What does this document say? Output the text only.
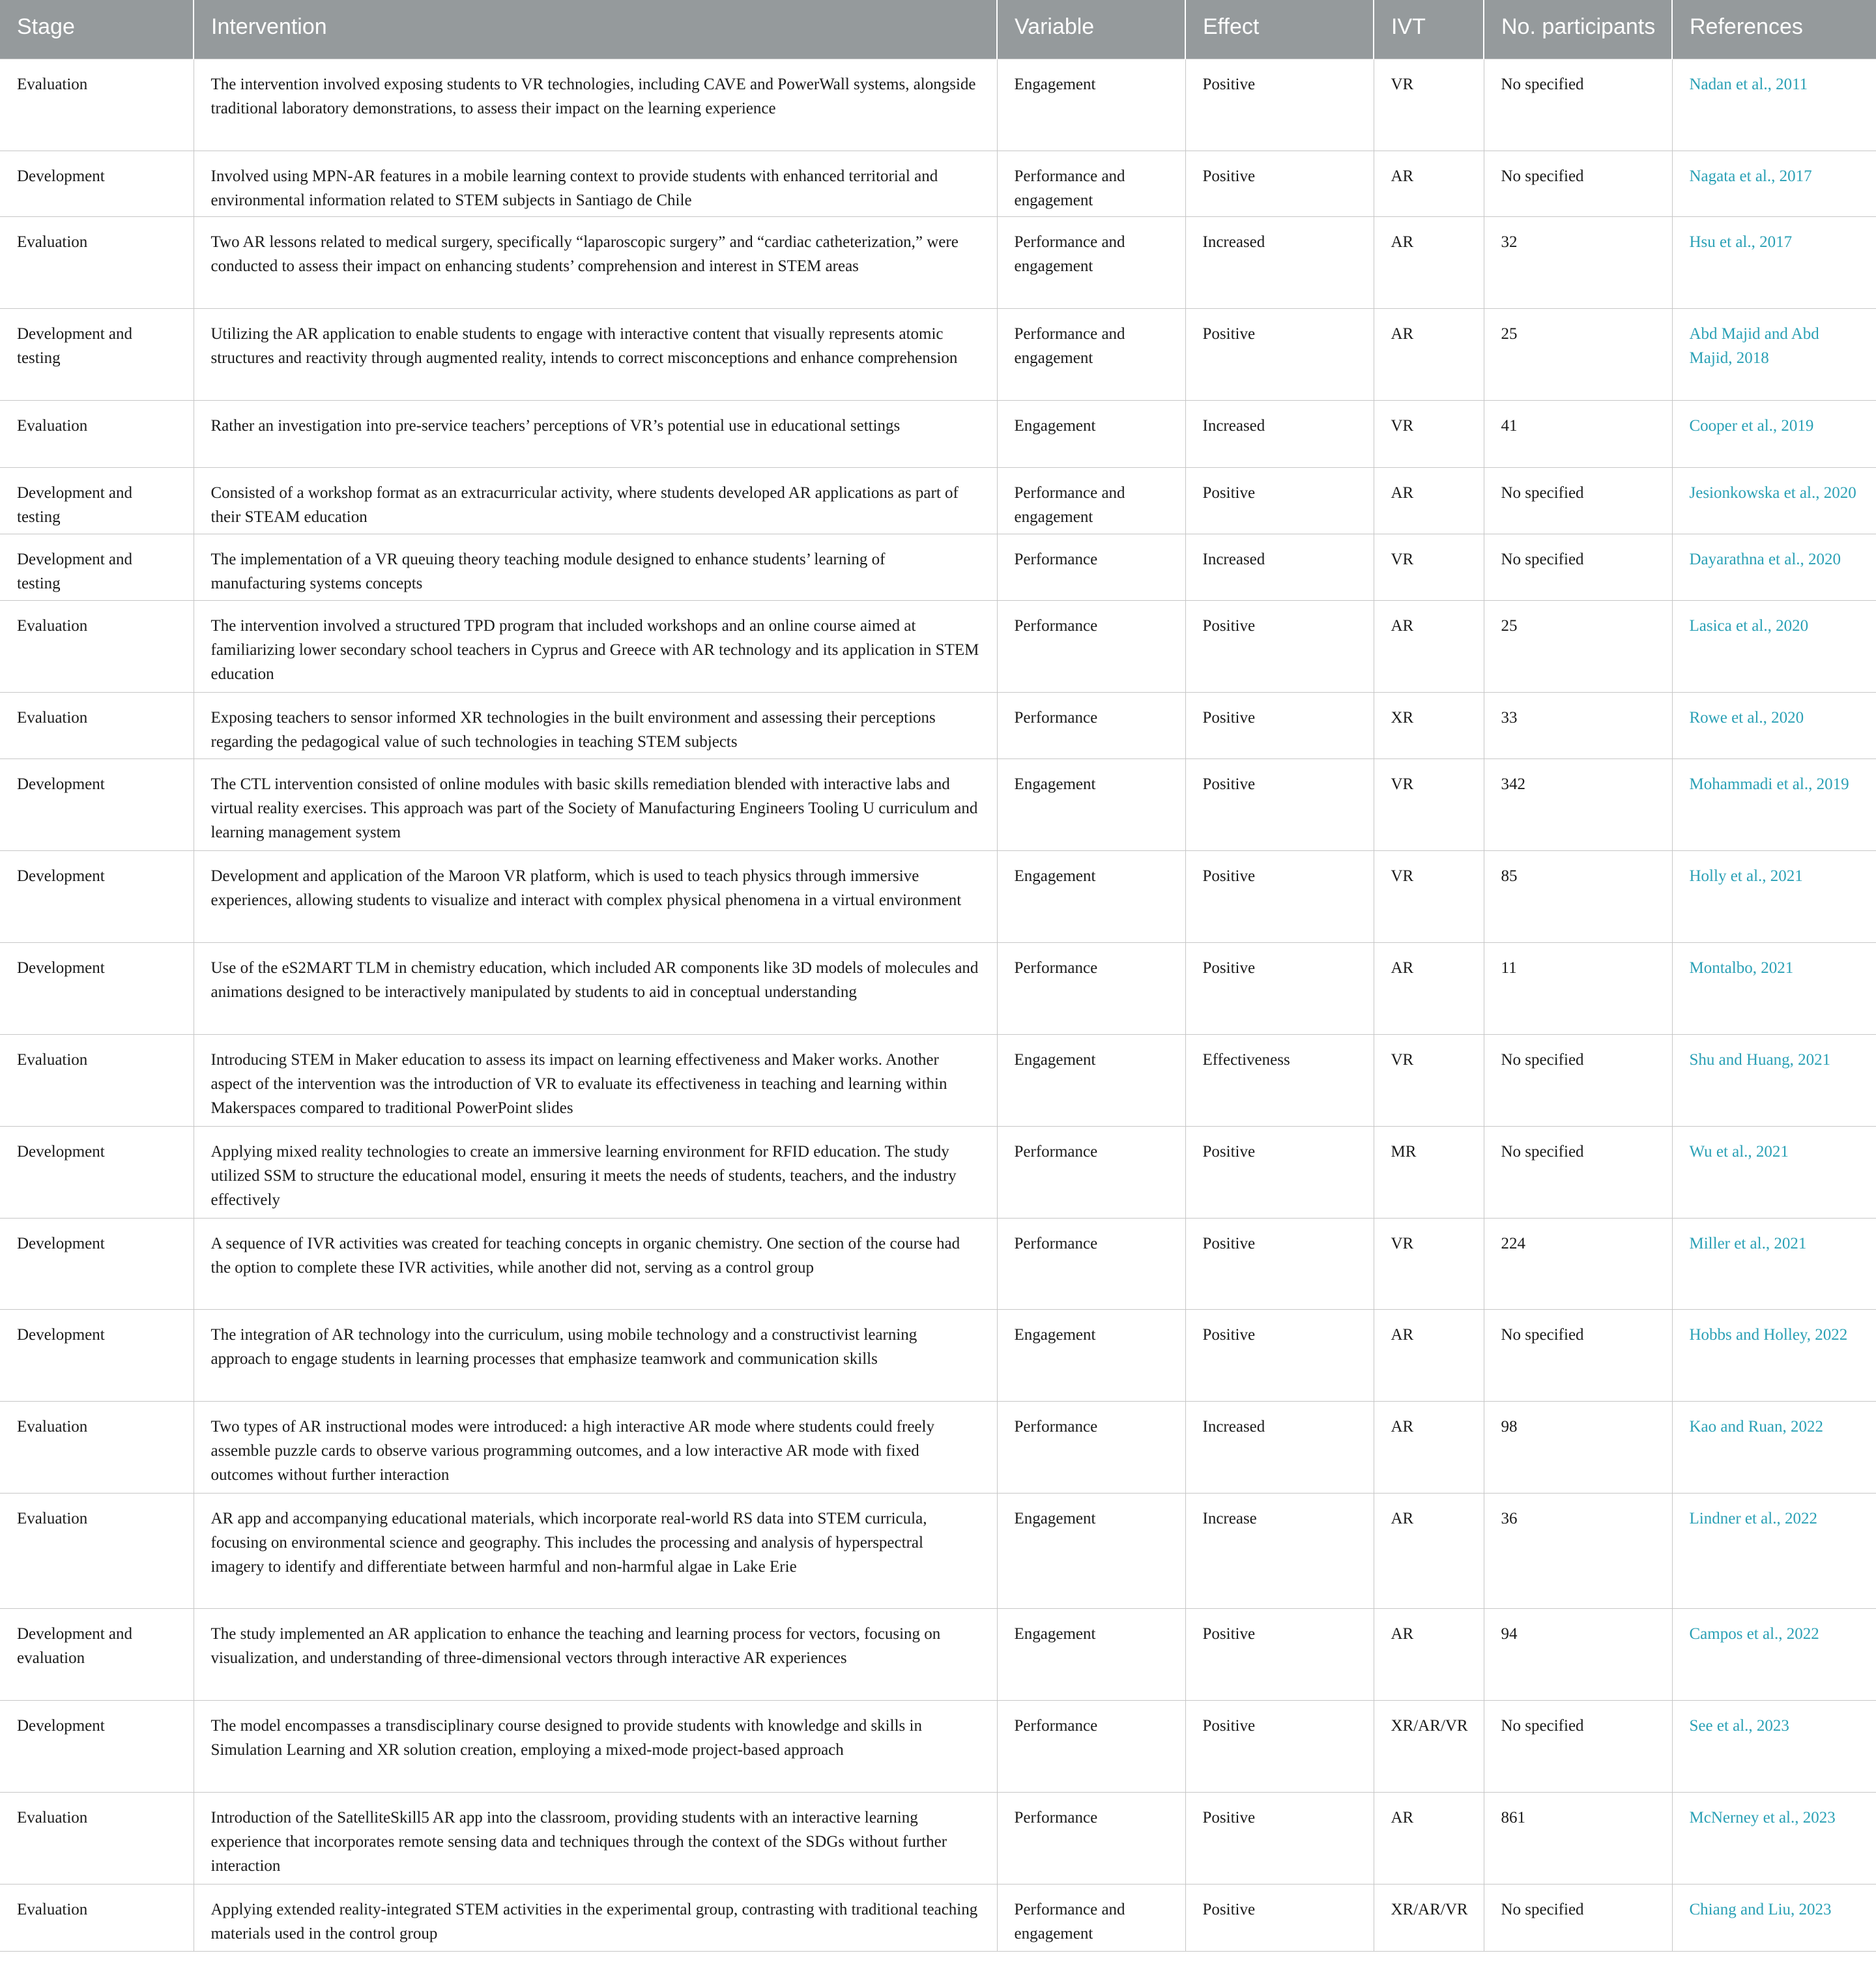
Stage	Intervention	Variable	Effect	IVT	No. participants	References
Evaluation	The intervention involved exposing students to VR technologies, including CAVE and PowerWall systems, alongside traditional laboratory demonstrations, to assess their impact on the learning experience	Engagement	Positive	VR	No specified	Nadan et al., 2011
Development	Involved using MPN-AR features in a mobile learning context to provide students with enhanced territorial and environmental information related to STEM subjects in Santiago de Chile	Performance and engagement	Positive	AR	No specified	Nagata et al., 2017
Evaluation	Two AR lessons related to medical surgery, specifically “laparoscopic surgery” and “cardiac catheterization,” were conducted to assess their impact on enhancing students’ comprehension and interest in STEM areas	Performance and engagement	Increased	AR	32	Hsu et al., 2017
Development and testing	Utilizing the AR application to enable students to engage with interactive content that visually represents atomic structures and reactivity through augmented reality, intends to correct misconceptions and enhance comprehension	Performance and engagement	Positive	AR	25	Abd Majid and Abd Majid, 2018
Evaluation	Rather an investigation into pre-service teachers’ perceptions of VR’s potential use in educational settings	Engagement	Increased	VR	41	Cooper et al., 2019
Development and testing	Consisted of a workshop format as an extracurricular activity, where students developed AR applications as part of their STEAM education	Performance and engagement	Positive	AR	No specified	Jesionkowska et al., 2020
Development and testing	The implementation of a VR queuing theory teaching module designed to enhance students’ learning of manufacturing systems concepts	Performance	Increased	VR	No specified	Dayarathna et al., 2020
Evaluation	The intervention involved a structured TPD program that included workshops and an online course aimed at familiarizing lower secondary school teachers in Cyprus and Greece with AR technology and its application in STEM education	Performance	Positive	AR	25	Lasica et al., 2020
Evaluation	Exposing teachers to sensor informed XR technologies in the built environment and assessing their perceptions regarding the pedagogical value of such technologies in teaching STEM subjects	Performance	Positive	XR	33	Rowe et al., 2020
Development	The CTL intervention consisted of online modules with basic skills remediation blended with interactive labs and virtual reality exercises. This approach was part of the Society of Manufacturing Engineers Tooling U curriculum and learning management system	Engagement	Positive	VR	342	Mohammadi et al., 2019
Development	Development and application of the Maroon VR platform, which is used to teach physics through immersive experiences, allowing students to visualize and interact with complex physical phenomena in a virtual environment	Engagement	Positive	VR	85	Holly et al., 2021
Development	Use of the eS2MART TLM in chemistry education, which included AR components like 3D models of molecules and animations designed to be interactively manipulated by students to aid in conceptual understanding	Performance	Positive	AR	11	Montalbo, 2021
Evaluation	Introducing STEM in Maker education to assess its impact on learning effectiveness and Maker works. Another aspect of the intervention was the introduction of VR to evaluate its effectiveness in teaching and learning within Makerspaces compared to traditional PowerPoint slides	Engagement	Effectiveness	VR	No specified	Shu and Huang, 2021
Development	Applying mixed reality technologies to create an immersive learning environment for RFID education. The study utilized SSM to structure the educational model, ensuring it meets the needs of students, teachers, and the industry effectively	Performance	Positive	MR	No specified	Wu et al., 2021
Development	A sequence of IVR activities was created for teaching concepts in organic chemistry. One section of the course had the option to complete these IVR activities, while another did not, serving as a control group	Performance	Positive	VR	224	Miller et al., 2021
Development	The integration of AR technology into the curriculum, using mobile technology and a constructivist learning approach to engage students in learning processes that emphasize teamwork and communication skills	Engagement	Positive	AR	No specified	Hobbs and Holley, 2022
Evaluation	Two types of AR instructional modes were introduced: a high interactive AR mode where students could freely assemble puzzle cards to observe various programming outcomes, and a low interactive AR mode with fixed outcomes without further interaction	Performance	Increased	AR	98	Kao and Ruan, 2022
Evaluation	AR app and accompanying educational materials, which incorporate real-world RS data into STEM curricula, focusing on environmental science and geography. This includes the processing and analysis of hyperspectral imagery to identify and differentiate between harmful and non-harmful algae in Lake Erie	Engagement	Increase	AR	36	Lindner et al., 2022
Development and evaluation	The study implemented an AR application to enhance the teaching and learning process for vectors, focusing on visualization, and understanding of three-dimensional vectors through interactive AR experiences	Engagement	Positive	AR	94	Campos et al., 2022
Development	The model encompasses a transdisciplinary course designed to provide students with knowledge and skills in Simulation Learning and XR solution creation, employing a mixed-mode project-based approach	Performance	Positive	XR/AR/VR	No specified	See et al., 2023
Evaluation	Introduction of the SatelliteSkill5 AR app into the classroom, providing students with an interactive learning experience that incorporates remote sensing data and techniques through the context of the SDGs without further interaction	Performance	Positive	AR	861	McNerney et al., 2023
Evaluation	Applying extended reality-integrated STEM activities in the experimental group, contrasting with traditional teaching materials used in the control group	Performance and engagement	Positive	XR/AR/VR	No specified	Chiang and Liu, 2023
